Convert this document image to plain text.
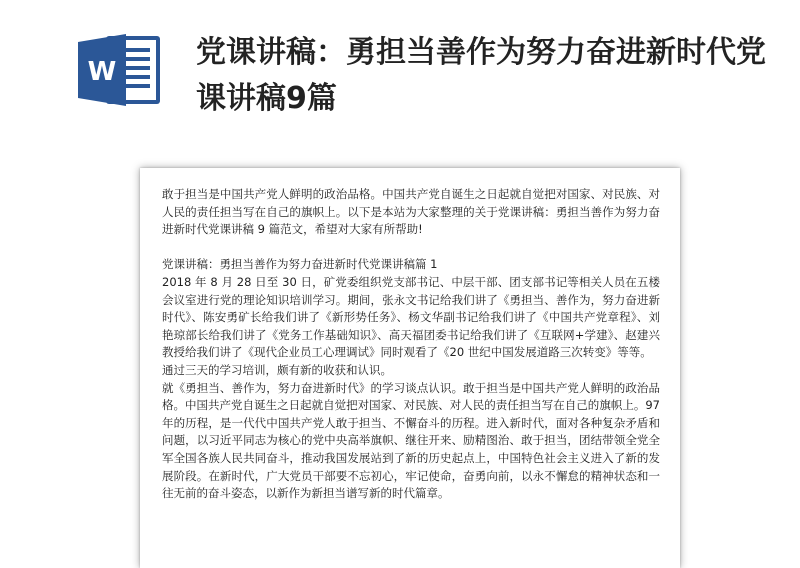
W
党课讲稿：勇担当善作为努力奋进新时代党课讲稿9篇

敢于担当是中国共产党人鲜明的政治品格。中国共产党自诞生之日起就自觉把对国家、对民族、对人民的责任担当写在自己的旗帜上。以下是本站为大家整理的关于党课讲稿：勇担当善作为努力奋进新时代党课讲稿 9 篇范文，希望对大家有所帮助!

党课讲稿：勇担当善作为努力奋进新时代党课讲稿篇 1

2018 年 8 月 28 日至 30 日，矿党委组织党支部书记、中层干部、团支部书记等相关人员在五楼会议室进行党的理论知识培训学习。期间，张永文书记给我们讲了《勇担当、善作为，努力奋进新时代》、陈安勇矿长给我们讲了《新形势任务》、杨文华副书记给我们讲了《中国共产党章程》、刘艳琼部长给我们讲了《党务工作基础知识》、高天福团委书记给我们讲了《互联网+学建》、赵建兴教授给我们讲了《现代企业员工心理调试》同时观看了《20 世纪中国发展道路三次转变》等等。

通过三天的学习培训，颇有新的收获和认识。

就《勇担当、善作为，努力奋进新时代》的学习谈点认识。敢于担当是中国共产党人鲜明的政治品格。中国共产党自诞生之日起就自觉把对国家、对民族、对人民的责任担当写在自己的旗帜上。97 年的历程，是一代代中国共产党人敢于担当、不懈奋斗的历程。进入新时代，面对各种复杂矛盾和问题，以习近平同志为核心的党中央高举旗帜、继往开来、励精图治、敢于担当，团结带领全党全军全国各族人民共同奋斗，推动我国发展站到了新的历史起点上，中国特色社会主义进入了新的发展阶段。在新时代，广大党员干部要不忘初心，牢记使命，奋勇向前，以永不懈怠的精神状态和一往无前的奋斗姿态，以新作为新担当谱写新的时代篇章。
